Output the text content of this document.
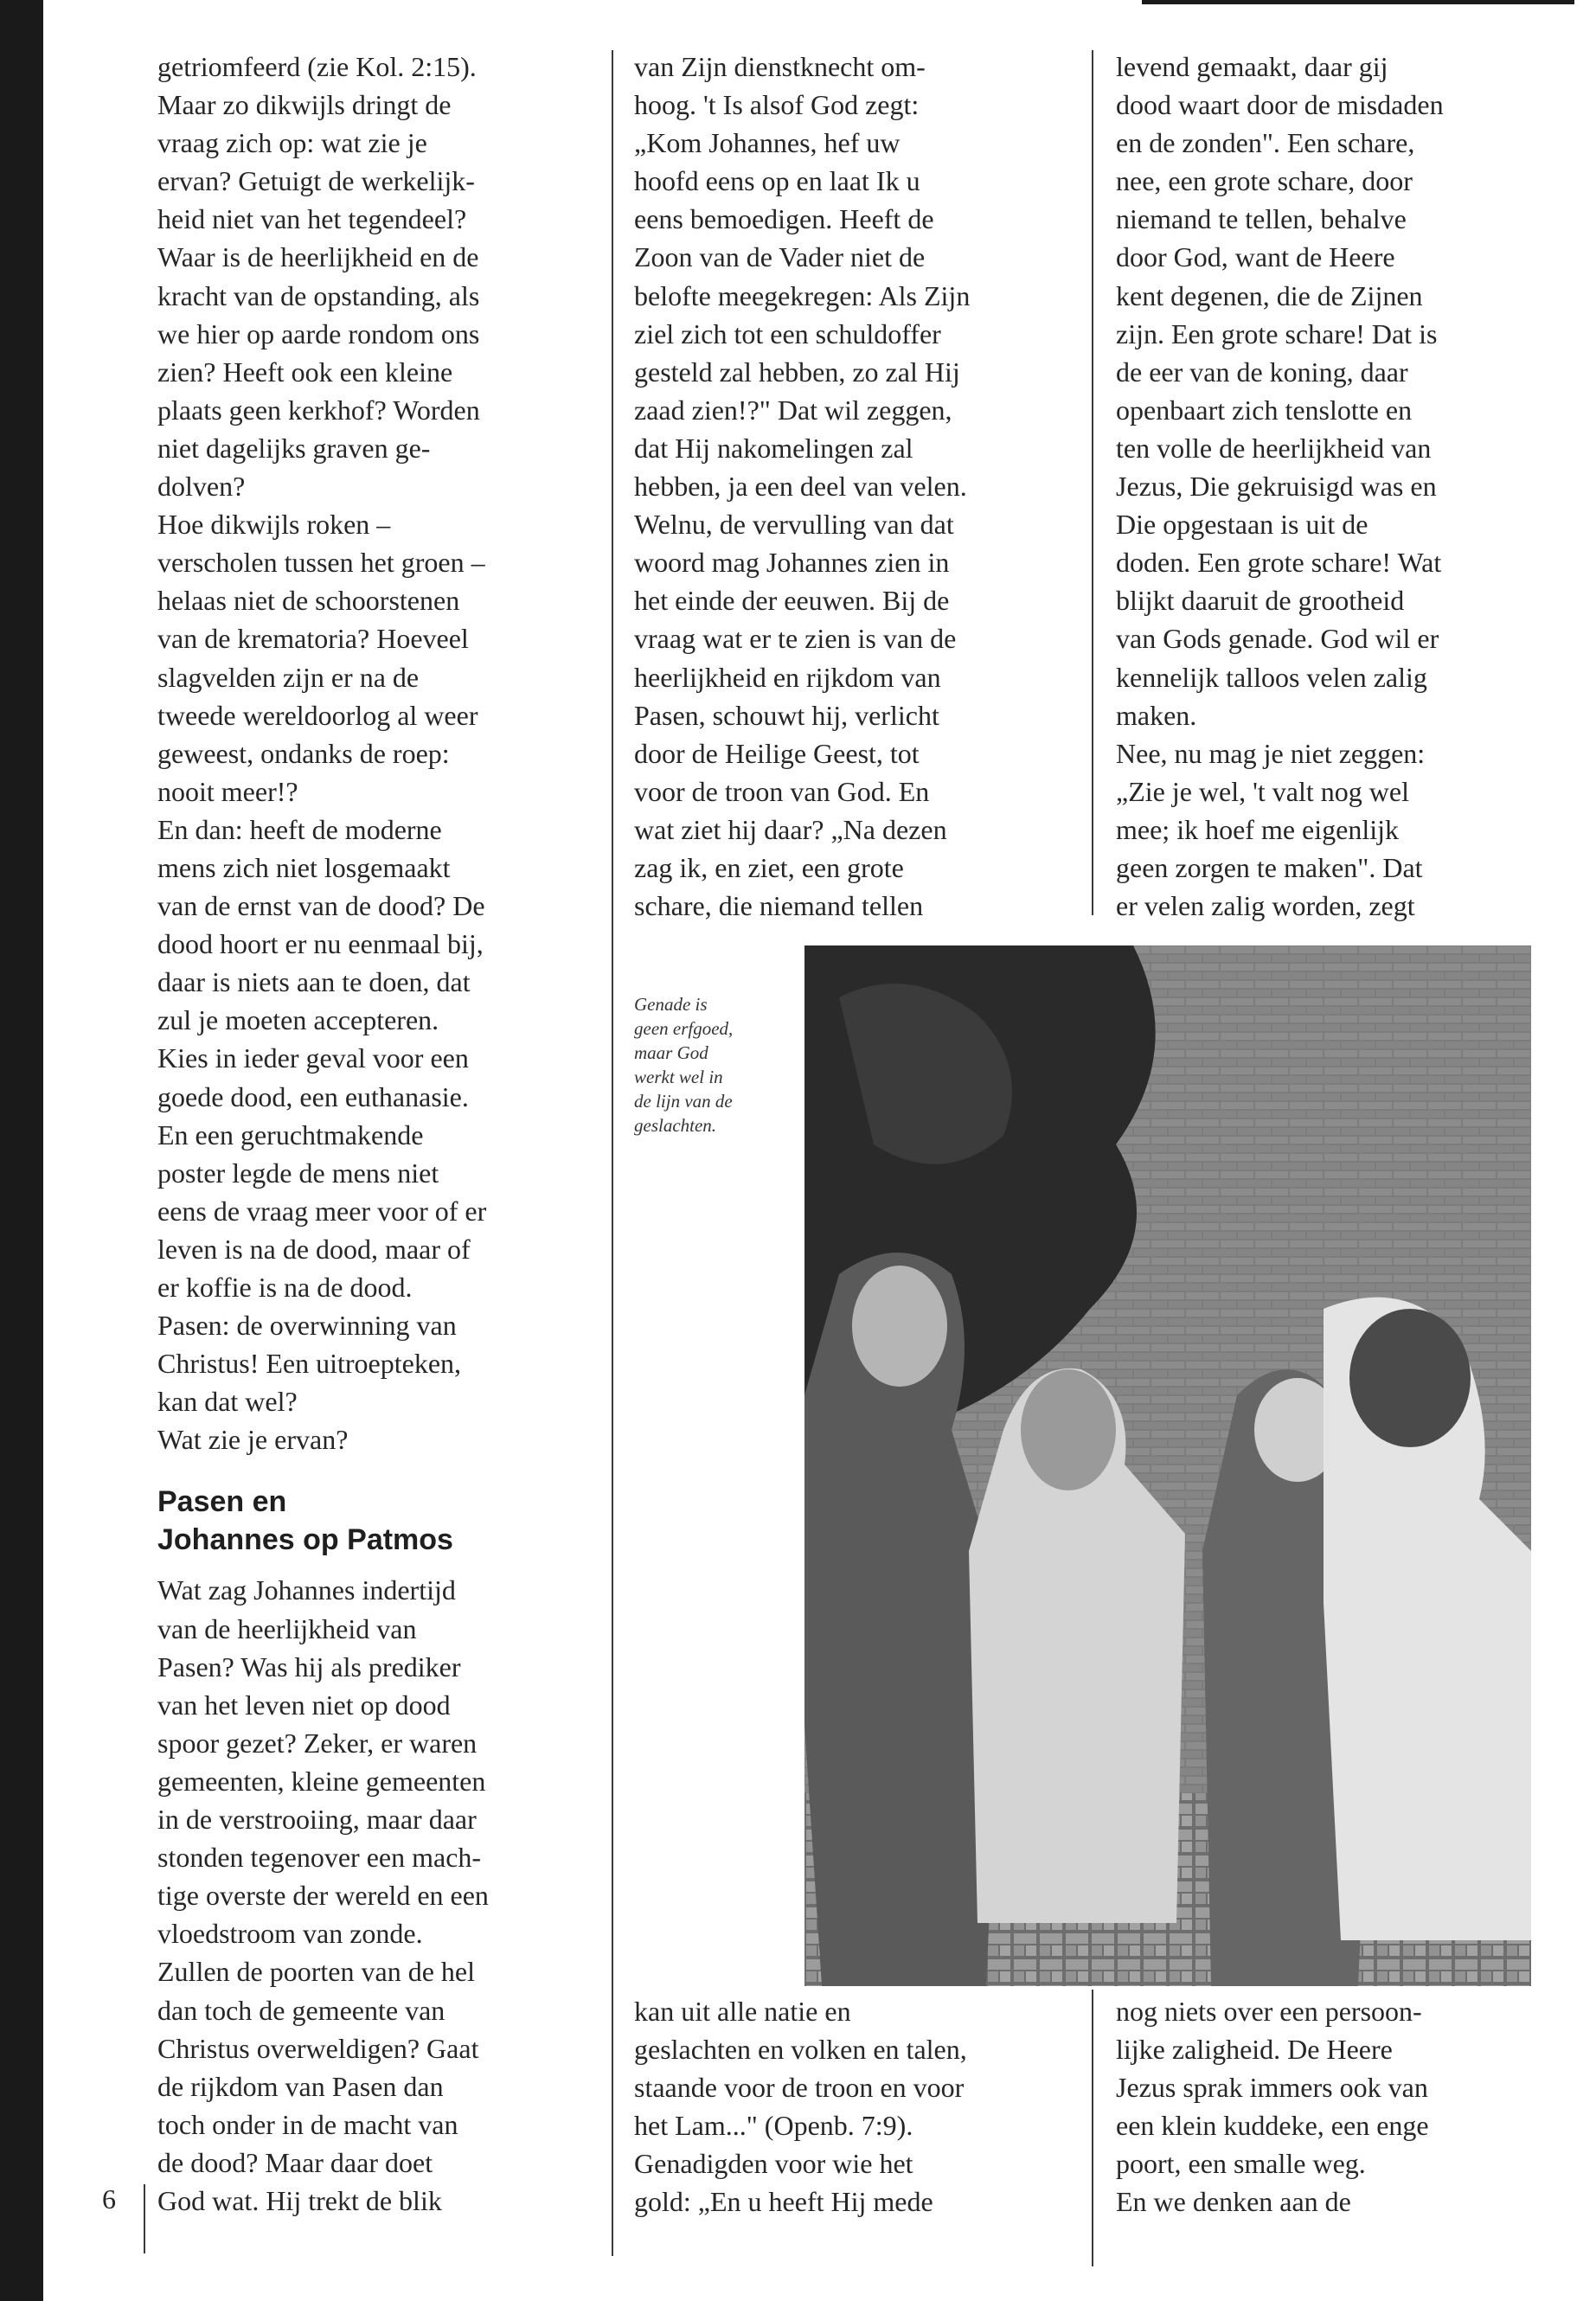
6

getriomfeerd (zie Kol. 2:15).

Maar zo dikwijls dringt de

vraag zich op: wat zie je

ervan? Getuigt de werkelijk-

heid niet van het tegendeel?

Waar is de heerlijkheid en de

kracht van de opstanding, als

we hier op aarde rondom ons

zien? Heeft ook een kleine

plaats geen kerkhof? Worden

niet dagelijks graven ge-

dolven?

Hoe dikwijls roken –

verscholen tussen het groen –

helaas niet de schoorstenen

van de krematoria? Hoeveel

slagvelden zijn er na de

tweede wereldoorlog al weer

geweest, ondanks de roep:

nooit meer!?

En dan: heeft de moderne

mens zich niet losgemaakt

van de ernst van de dood? De

dood hoort er nu eenmaal bij,

daar is niets aan te doen, dat

zul je moeten accepteren.

Kies in ieder geval voor een

goede dood, een euthanasie.

En een geruchtmakende

poster legde de mens niet

eens de vraag meer voor of er

leven is na de dood, maar of

er koffie is na de dood.

Pasen: de overwinning van

Christus! Een uitroepteken,

kan dat wel?

Wat zie je ervan?

Pasen en
Johannes op Patmos

Wat zag Johannes indertijd

van de heerlijkheid van

Pasen? Was hij als prediker

van het leven niet op dood

spoor gezet? Zeker, er waren

gemeenten, kleine gemeenten

in de verstrooiing, maar daar

stonden tegenover een mach-

tige overste der wereld en een

vloedstroom van zonde.

Zullen de poorten van de hel

dan toch de gemeente van

Christus overweldigen? Gaat

de rijkdom van Pasen dan

toch onder in de macht van

de dood? Maar daar doet

God wat. Hij trekt de blik

van Zijn dienstknecht om-

hoog. 't Is alsof God zegt:

„Kom Johannes, hef uw

hoofd eens op en laat Ik u

eens bemoedigen. Heeft de

Zoon van de Vader niet de

belofte meegekregen: Als Zijn

ziel zich tot een schuldoffer

gesteld zal hebben, zo zal Hij

zaad zien!?" Dat wil zeggen,

dat Hij nakomelingen zal

hebben, ja een deel van velen.

Welnu, de vervulling van dat

woord mag Johannes zien in

het einde der eeuwen. Bij de

vraag wat er te zien is van de

heerlijkheid en rijkdom van

Pasen, schouwt hij, verlicht

door de Heilige Geest, tot

voor de troon van God. En

wat ziet hij daar? „Na dezen

zag ik, en ziet, een grote

schare, die niemand tellen

levend gemaakt, daar gij

dood waart door de misdaden

en de zonden". Een schare,

nee, een grote schare, door

niemand te tellen, behalve

door God, want de Heere

kent degenen, die de Zijnen

zijn. Een grote schare! Dat is

de eer van de koning, daar

openbaart zich tenslotte en

ten volle de heerlijkheid van

Jezus, Die gekruisigd was en

Die opgestaan is uit de

doden. Een grote schare! Wat

blijkt daaruit de grootheid

van Gods genade. God wil er

kennelijk talloos velen zalig

maken.

Nee, nu mag je niet zeggen:

„Zie je wel, 't valt nog wel

mee; ik hoef me eigenlijk

geen zorgen te maken". Dat

er velen zalig worden, zegt

Genade is
geen erfgoed,
maar God
werkt wel in
de lijn van de
geslachten.

kan uit alle natie en

geslachten en volken en talen,

staande voor de troon en voor

het Lam..." (Openb. 7:9).

Genadigden voor wie het

gold: „En u heeft Hij mede

nog niets over een persoon-

lijke zaligheid. De Heere

Jezus sprak immers ook van

een klein kuddeke, een enge

poort, een smalle weg.

En we denken aan de
